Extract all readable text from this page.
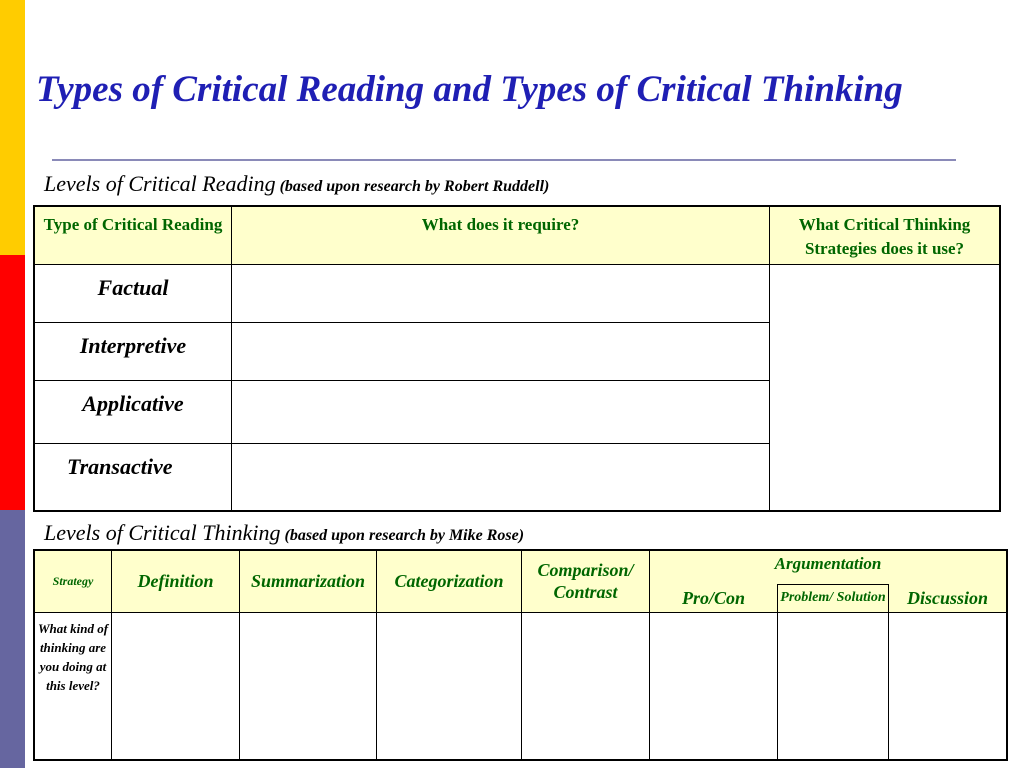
Types of Critical Reading and Types of Critical Thinking
Levels of Critical Reading (based upon research by Robert Ruddell)
Type of Critical Reading	What does it require?	What Critical Thinking Strategies does it use?
Factual		
Interpretive		
Applicative		
Transactive		
Levels of Critical Thinking (based upon research by Mike Rose)
Strategy	Definition	Summarization	Categorization	Comparison/ Contrast	Argumentation		
					Pro/Con	Problem/ Solution	Discussion
What kind of thinking are you doing at this level?							
